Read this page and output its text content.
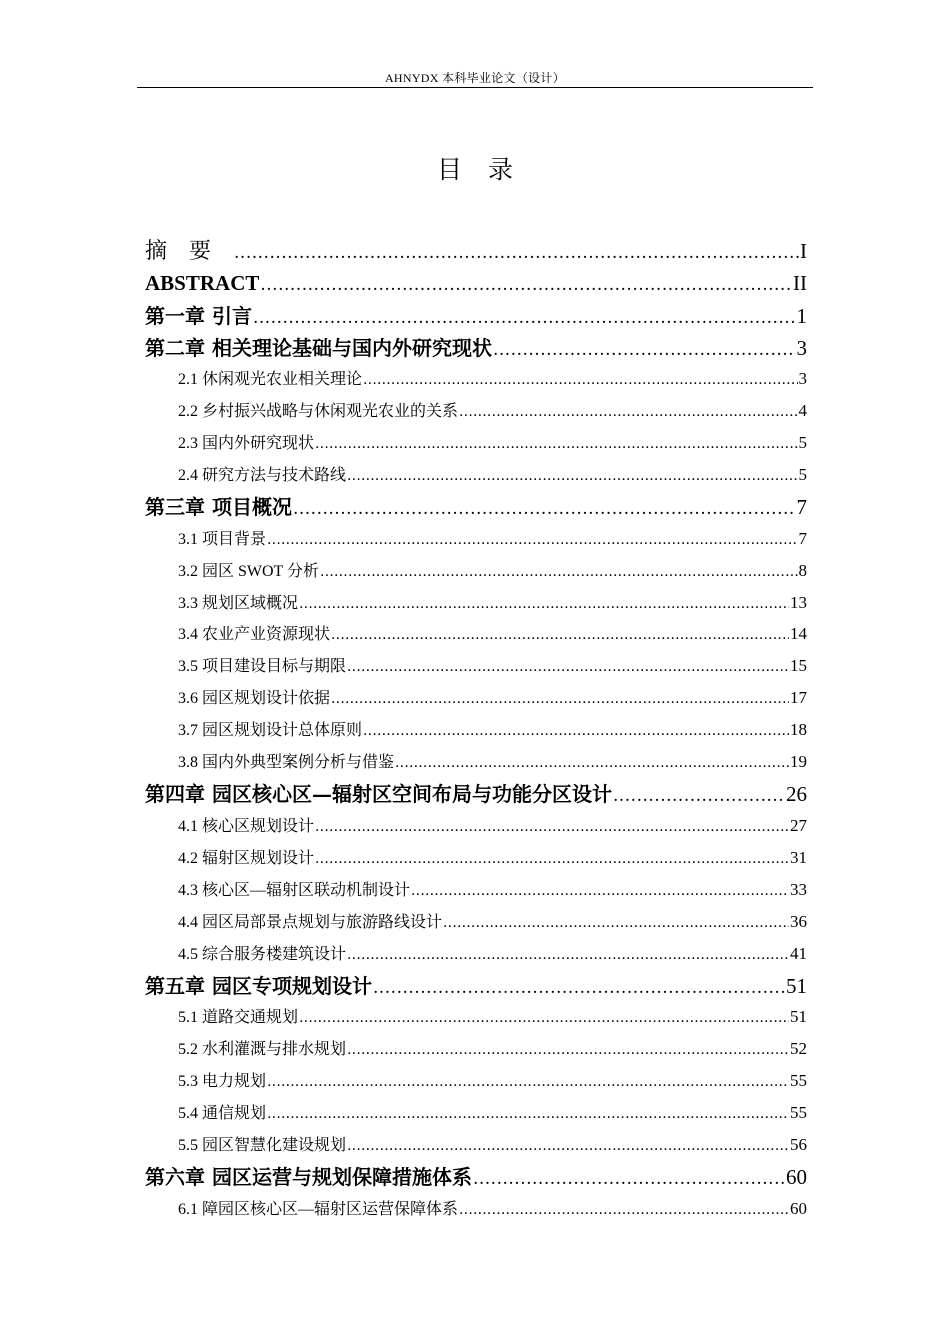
AHNYDX 本科毕业论文（设计）
目 录
摘要 .....	I
ABSTRACT .....	II
第一章 引言 .....	1
第二章 相关理论基础与国内外研究现状 .....	3
2.1 休闲观光农业相关理论 .....	3
2.2 乡村振兴战略与休闲观光农业的关系 .....	4
2.3 国内外研究现状 .....	5
2.4 研究方法与技术路线 .....	5
第三章 项目概况 .....	7
3.1 项目背景 .....	7
3.2 园区 SWOT 分析 .....	8
3.3 规划区域概况 .....	13
3.4 农业产业资源现状 .....	14
3.5 项目建设目标与期限 .....	15
3.6 园区规划设计依据 .....	17
3.7 园区规划设计总体原则 .....	18
3.8 国内外典型案例分析与借鉴 .....	19
第四章 园区核心区—辐射区空间布局与功能分区设计 .....	26
4.1 核心区规划设计 .....	27
4.2 辐射区规划设计 .....	31
4.3 核心区—辐射区联动机制设计 .....	33
4.4 园区局部景点规划与旅游路线设计 .....	36
4.5 综合服务楼建筑设计 .....	41
第五章 园区专项规划设计 .....	51
5.1 道路交通规划 .....	51
5.2 水利灌溉与排水规划 .....	52
5.3 电力规划 .....	55
5.4 通信规划 .....	55
5.5 园区智慧化建设规划 .....	56
第六章 园区运营与规划保障措施体系 .....	60
6.1 障园区核心区—辐射区运营保障体系 .....	60
